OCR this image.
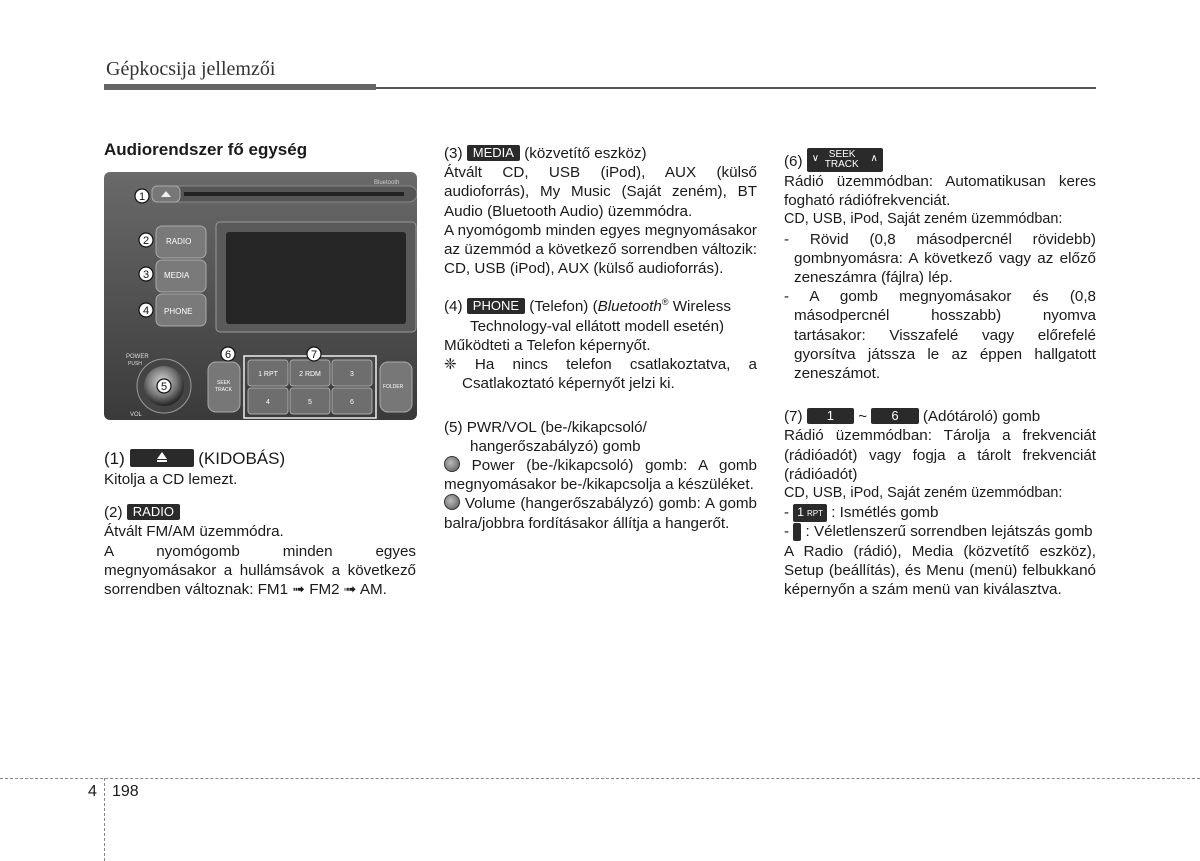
Gépkocsija jellemzői

Audiorendszer fő egység

Bluetooth
RADIO
MEDIA
PHONE
POWER
PUSH
VOL
SEEK
TRACK
1 RPT	2 RDM	3
4	5	6
FOLDER
1
2
3
4
5
6	7

(1)	(KIDOBÁS)

Kitolja a CD lemezt.

(2) RADIO

Átvált FM/AM üzemmódra.

A nyomógomb minden egyes megnyomásakor a hullámsávok a következő sorrendben változnak: FM1 ➟ FM2 ➟ AM.

(3) MEDIA (közvetítő eszköz)

Átvált CD, USB (iPod), AUX (külső audioforrás), My Music (Saját zeném), BT Audio (Bluetooth Audio) üzemmódra.

A nyomógomb minden egyes megnyomásakor az üzemmód a következő sorrendben változik: CD, USB (iPod), AUX (külső audioforrás).

(4) PHONE (Telefon) (Bluetooth® Wireless

Technology-val ellátott modell esetén)

Működteti a Telefon képernyőt.

❈ Ha nincs telefon csatlakoztatva, a Csatlakoztató képernyőt jelzi ki.

(5) PWR/VOL (be-/kikapcsoló/

hangerőszabályzó) gomb

Power (be-/kikapcsoló) gomb: A gomb megnyomásakor be-/kikapcsolja a készüléket.

Volume (hangerőszabályzó) gomb: A gomb balra/jobbra fordításakor állítja a hangerőt.

(6) ∨ SEEK
TRACK
∧

Rádió üzemmódban: Automatikusan keres fogható rádiófrekvenciát.

CD, USB, iPod, Saját zeném üzemmódban:

- Rövid (0,8 másodpercnél rövidebb) gombnyomásra: A következő vagy az előző zeneszámra (fájlra) lép.

- A gomb megnyomásakor és (0,8 másodpercnél hosszabb) nyomva tartásakor: Visszafelé vagy előrefelé gyorsítva játssza le az éppen hallgatott zeneszámot.

(7) 1 ~ 6 (Adótároló) gomb

Rádió üzemmódban: Tárolja a frekvenciát (rádióadót) vagy fogja a tárolt frekvenciát (rádióadót)

CD, USB, iPod, Saját zeném üzemmódban:

- 1 RPT : Ismétlés gomb

- 2 RDM	: Véletlenszerű sorrendben lejátszás gomb

A Radio (rádió), Media (közvetítő eszköz), Setup (beállítás), és Menu (menü) felbukkanó képernyőn a szám menü van kiválasztva.

4 198
